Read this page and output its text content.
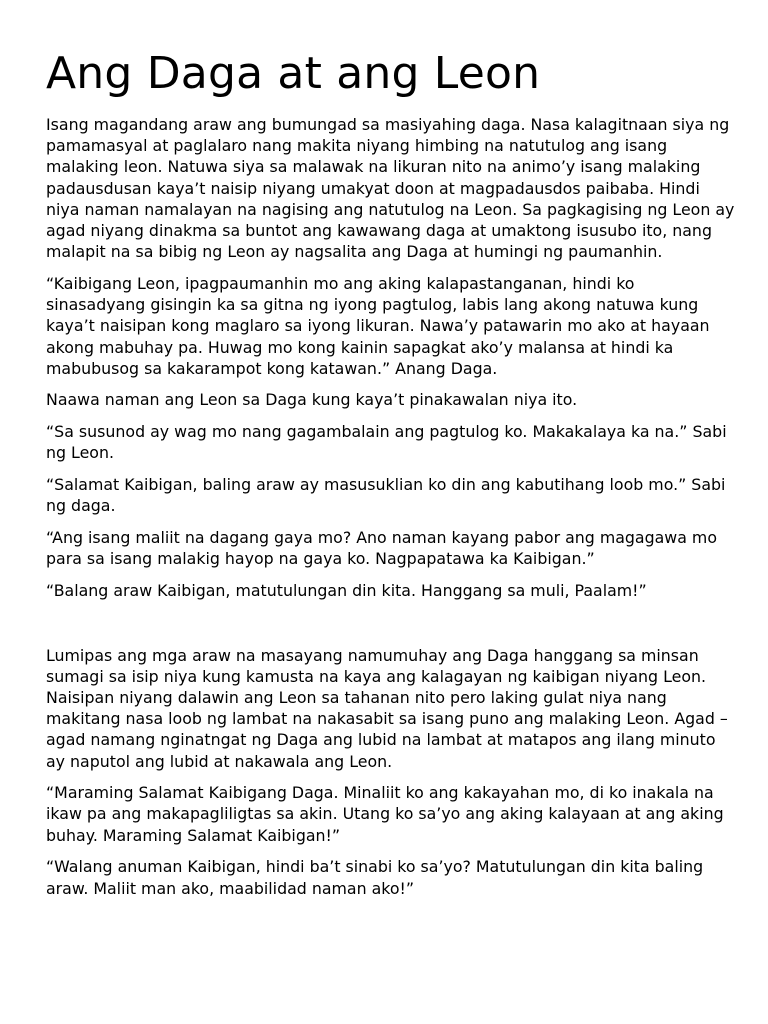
Ang Daga at ang Leon

Isang magandang araw ang bumungad sa masiyahing daga. Nasa kalagitnaan siya ng pamamasyal at paglalaro nang makita niyang himbing na natutulog ang isang malaking leon. Natuwa siya sa malawak na likuran nito na animo’y isang malaking padausdusan kaya’t naisip niyang umakyat doon at magpadausdos paibaba. Hindi niya naman namalayan na nagising ang natutulog na Leon. Sa pagkagising ng Leon ay agad niyang dinakma sa buntot ang kawawang daga at umaktong isusubo ito, nang malapit na sa bibig ng Leon ay nagsalita ang Daga at humingi ng paumanhin.

“Kaibigang Leon, ipagpaumanhin mo ang aking kalapastanganan, hindi ko sinasadyang gisingin ka sa gitna ng iyong pagtulog, labis lang akong natuwa kung kaya’t naisipan kong maglaro sa iyong likuran. Nawa’y patawarin mo ako at hayaan akong mabuhay pa. Huwag mo kong kainin sapagkat ako’y malansa at hindi ka mabubusog sa kakarampot kong katawan.” Anang Daga.

Naawa naman ang Leon sa Daga kung kaya’t pinakawalan niya ito.

“Sa susunod ay wag mo nang gagambalain ang pagtulog ko. Makakalaya ka na.” Sabi ng Leon.

“Salamat Kaibigan, baling araw ay masusuklian ko din ang kabutihang loob mo.” Sabi ng daga.

“Ang isang maliit na dagang gaya mo? Ano naman kayang pabor ang magagawa mo para sa isang malakig hayop na gaya ko. Nagpapatawa ka Kaibigan.”

“Balang araw Kaibigan, matutulungan din kita. Hanggang sa muli, Paalam!”

Lumipas ang mga araw na masayang namumuhay ang Daga hanggang sa minsan sumagi sa isip niya kung kamusta na kaya ang kalagayan ng kaibigan niyang Leon. Naisipan niyang dalawin ang Leon sa tahanan nito pero laking gulat niya nang makitang nasa loob ng lambat na nakasabit sa isang puno ang malaking Leon. Agad –agad namang nginatngat ng Daga ang lubid na lambat at matapos ang ilang minuto ay naputol ang lubid at nakawala ang Leon.

“Maraming Salamat Kaibigang Daga. Minaliit ko ang kakayahan mo, di ko inakala na ikaw pa ang makapagliligtas sa akin. Utang ko sa’yo ang aking kalayaan at ang aking buhay. Maraming Salamat Kaibigan!”

“Walang anuman Kaibigan, hindi ba’t sinabi ko sa’yo? Matutulungan din kita baling araw. Maliit man ako, maabilidad naman ako!”
